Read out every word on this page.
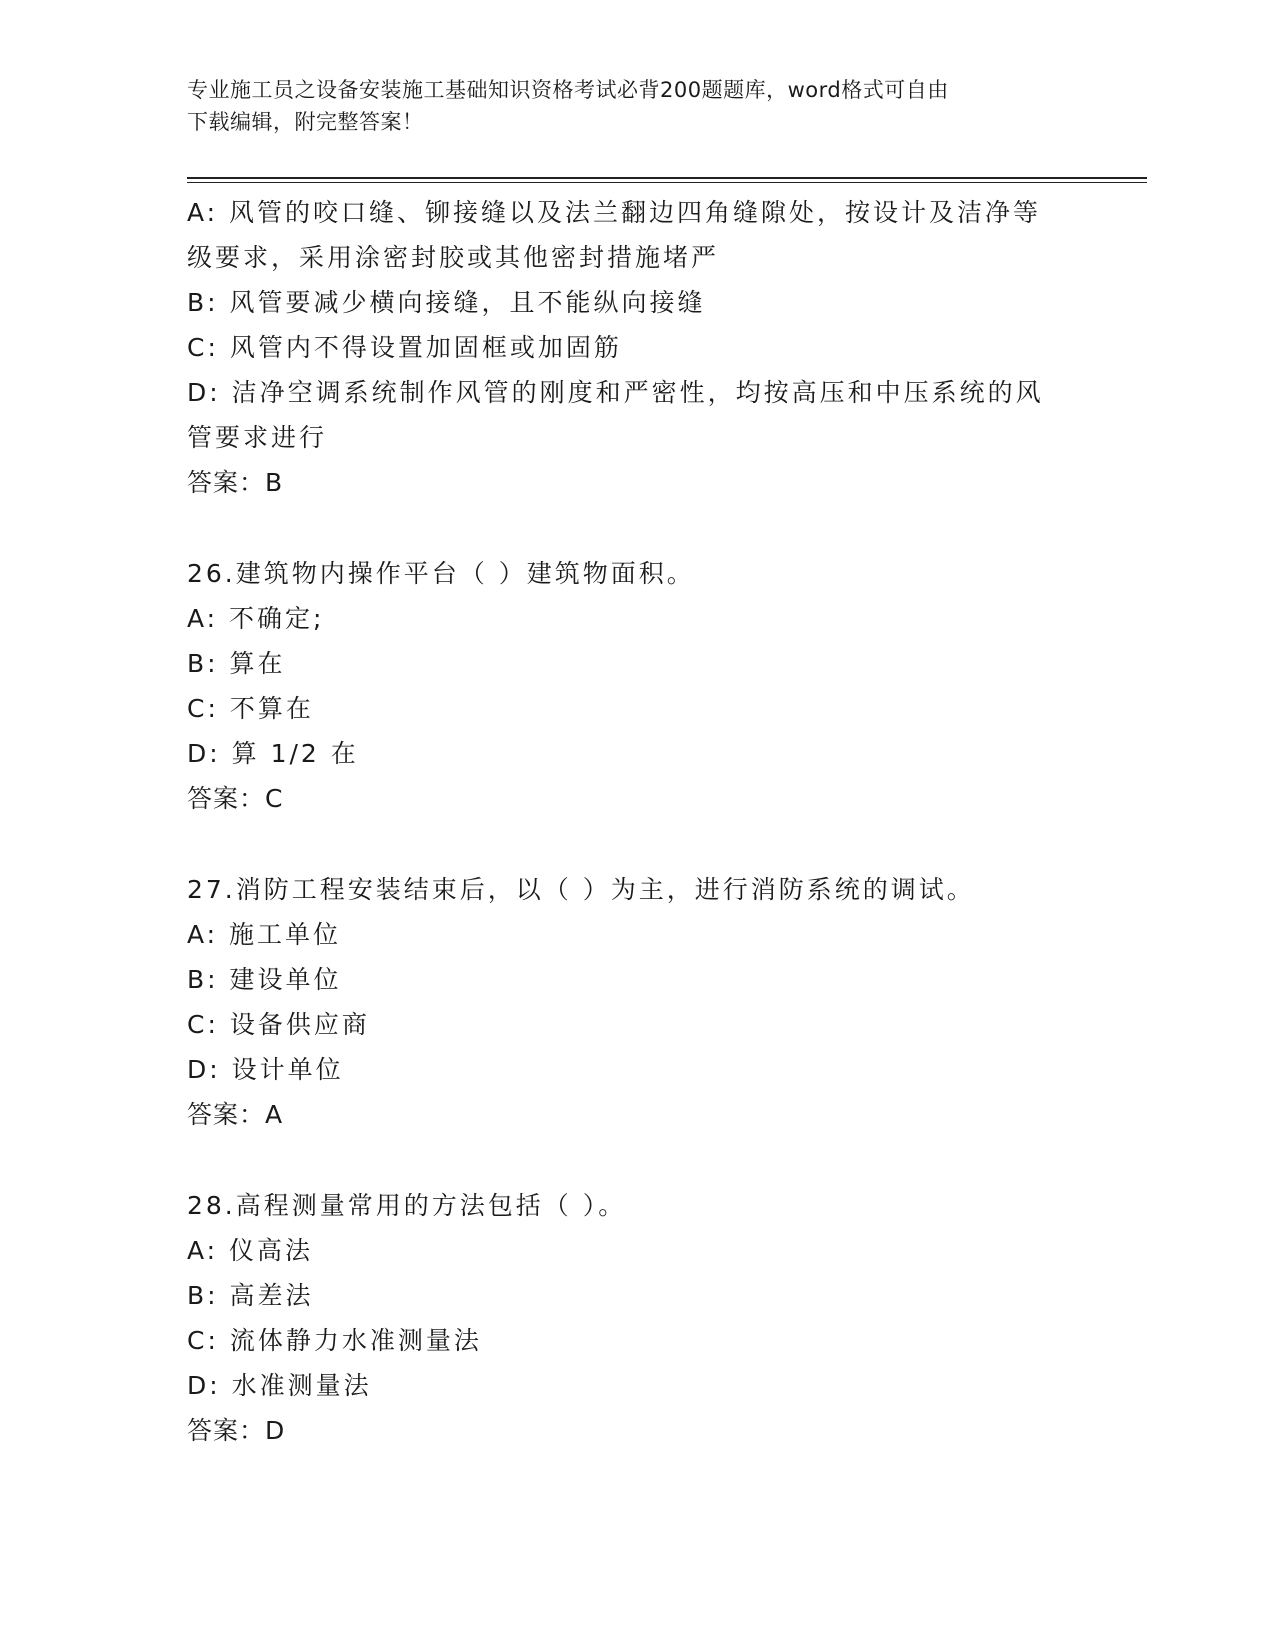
专业施工员之设备安装施工基础知识资格考试必背200题题库，word格式可自由
下载编辑，附完整答案！
A: 风管的咬口缝、铆接缝以及法兰翻边四角缝隙处，按设计及洁净等
级要求，采用涂密封胶或其他密封措施堵严
B: 风管要减少横向接缝，且不能纵向接缝
C: 风管内不得设置加固框或加固筋
D: 洁净空调系统制作风管的刚度和严密性，均按高压和中压系统的风
管要求进行
答案：B
26.建筑物内操作平台（ ）建筑物面积。
A: 不确定;
B: 算在
C: 不算在
D: 算 1/2 在
答案：C
27.消防工程安装结束后，以（ ）为主，进行消防系统的调试。
A: 施工单位
B: 建设单位
C: 设备供应商
D: 设计单位
答案：A
28.高程测量常用的方法包括（ ）。
A: 仪高法
B: 高差法
C: 流体静力水准测量法
D: 水准测量法
答案：D
